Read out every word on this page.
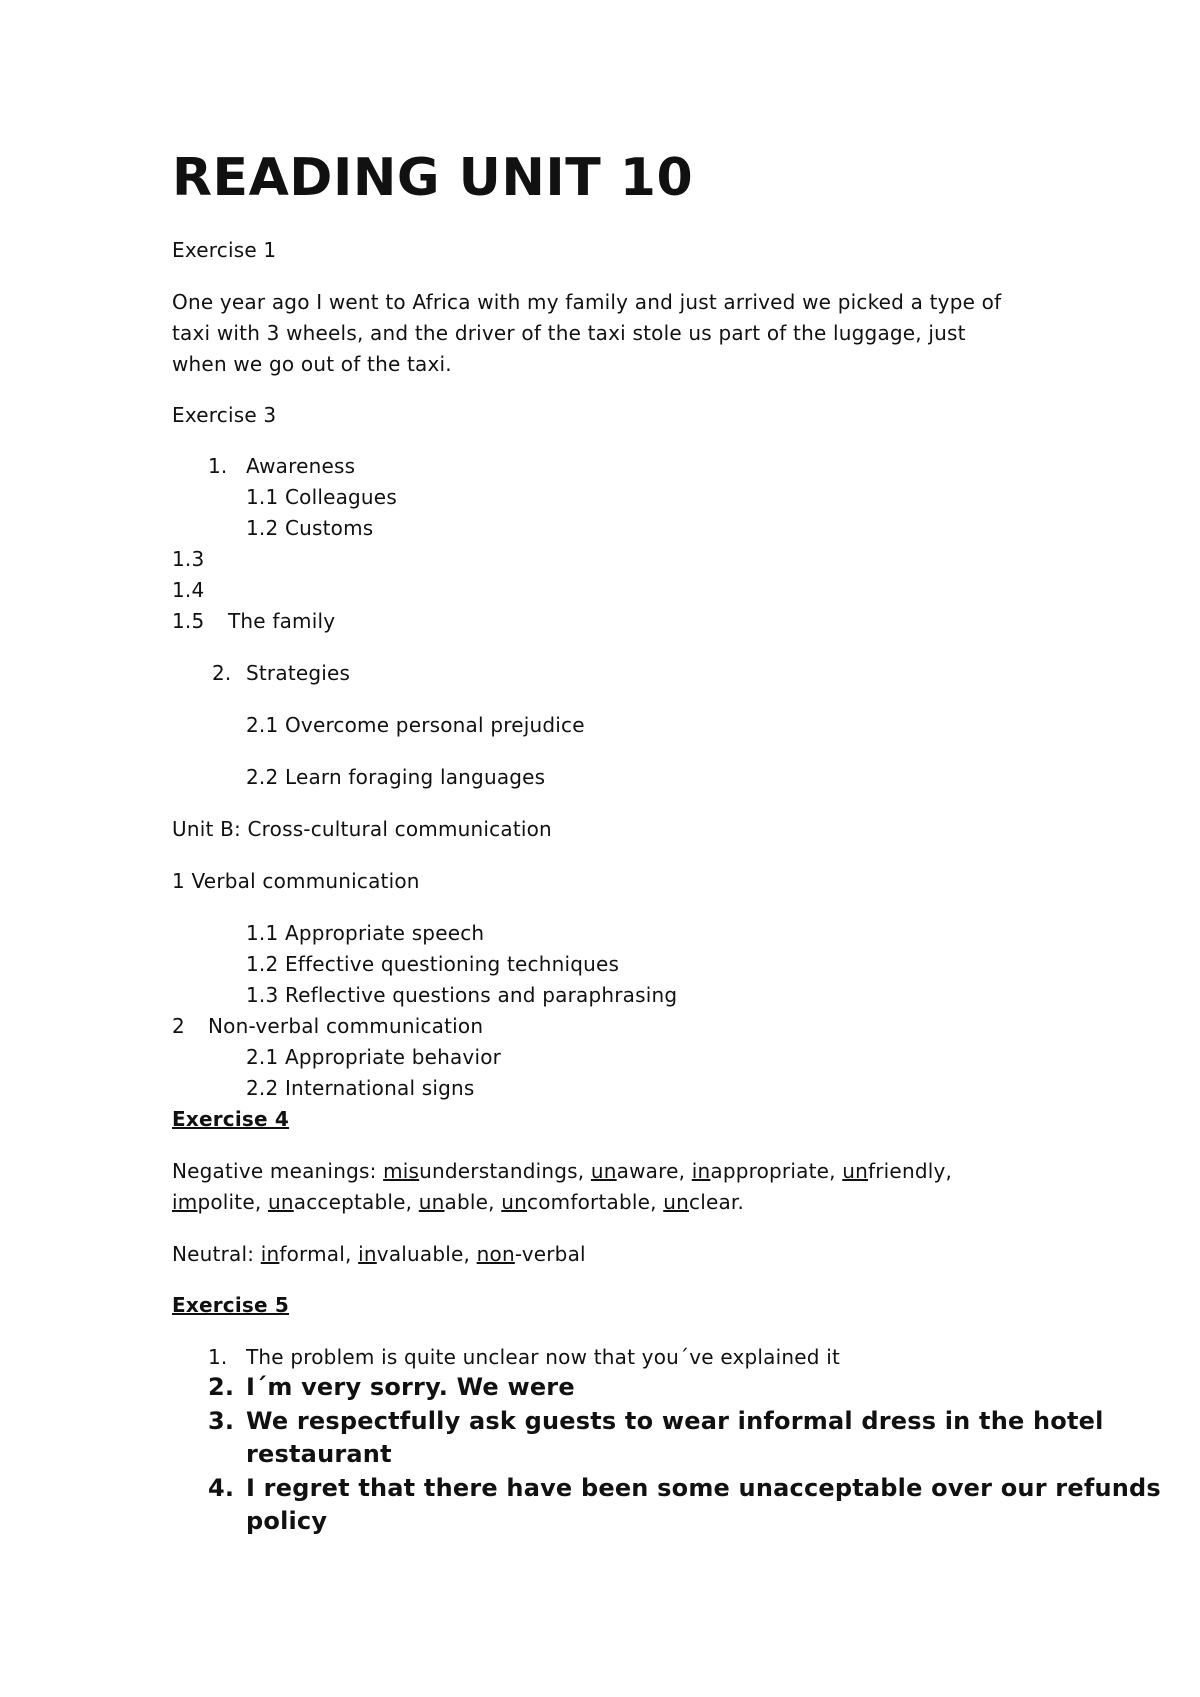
READING UNIT 10
Exercise 1
One year ago I went to Africa with my family and just arrived we picked a type of
taxi with 3 wheels, and the driver of the taxi stole us part of the luggage, just
when we go out of the taxi.
Exercise 3
1. Awareness
1.1 Colleagues
1.2 Customs
1.3
1.4
1.5 The family
2. Strategies
2.1 Overcome personal prejudice
2.2 Learn foraging languages
Unit B: Cross-cultural communication
1 Verbal communication
1.1 Appropriate speech
1.2 Effective questioning techniques
1.3 Reflective questions and paraphrasing
2 Non-verbal communication
2.1 Appropriate behavior
2.2 International signs
Exercise 4
Negative meanings: misunderstandings, unaware, inappropriate, unfriendly,
impolite, unacceptable, unable, uncomfortable, unclear.
Neutral: informal, invaluable, non-verbal
Exercise 5
1. The problem is quite unclear now that you´ve explained it
2. I´m very sorry. We were
3. We respectfully ask guests to wear informal dress in the hotel
restaurant
4. I regret that there have been some unacceptable over our refunds
policy
